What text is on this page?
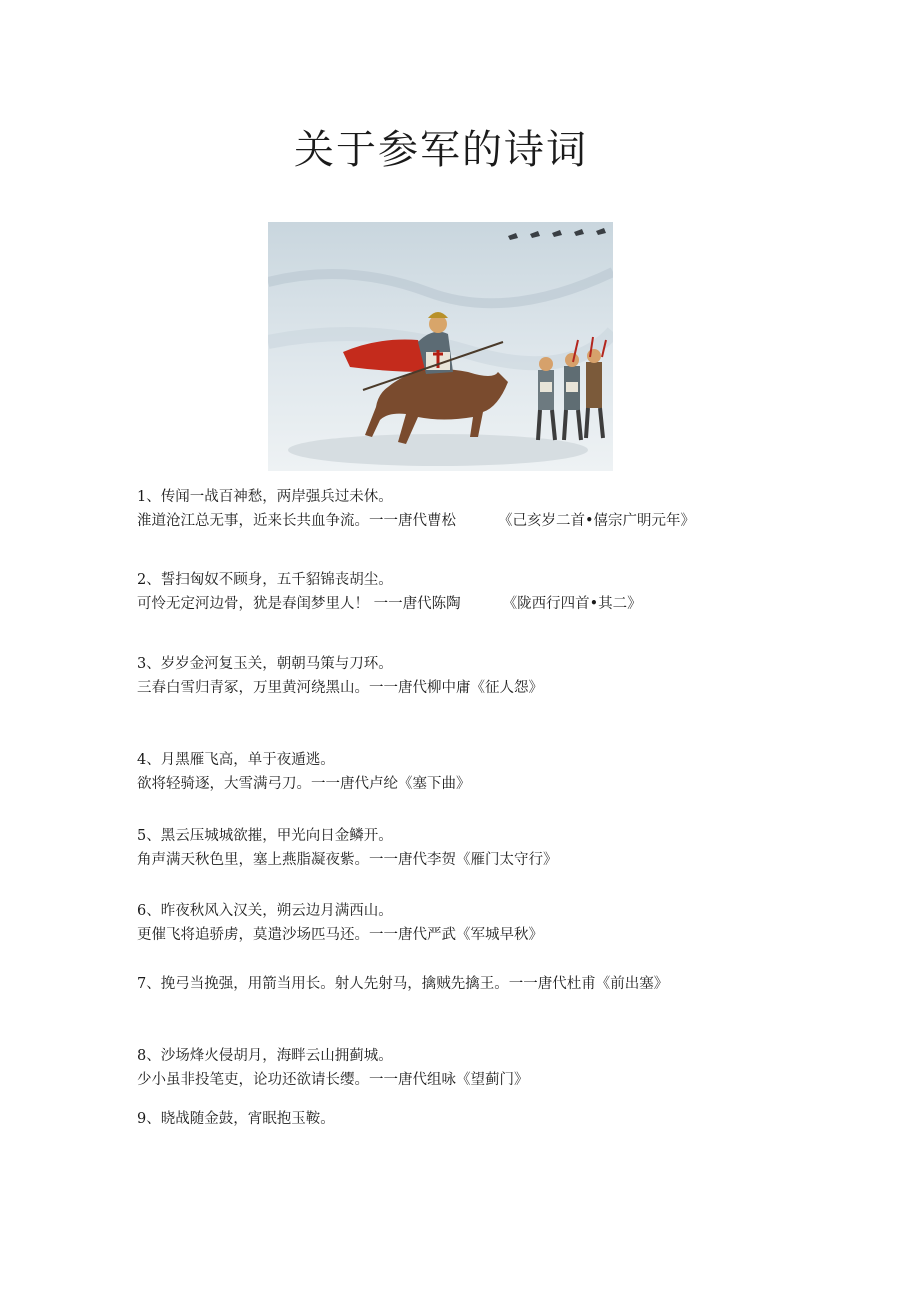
关于参军的诗词
1、传闻一战百神愁，两岸强兵过未休。
淮道沧江总无事，近来长共血争流。一一唐代曹松	《己亥岁二首•僖宗广明元年》
2、誓扫匈奴不顾身，五千貂锦丧胡尘。
可怜无定河边骨，犹是春闺梦里人！ 一一唐代陈陶	《陇西行四首•其二》
3、岁岁金河复玉关，朝朝马策与刀环。
三春白雪归青冢，万里黄河绕黑山。一一唐代柳中庸《征人怨》
4、月黑雁飞高，单于夜遁逃。
欲将轻骑逐，大雪满弓刀。一一唐代卢纶《塞下曲》
5、黑云压城城欲摧，甲光向日金鳞开。
角声满天秋色里，塞上燕脂凝夜紫。一一唐代李贺《雁门太守行》
6、昨夜秋风入汉关，朔云边月满西山。
更催飞将追骄虏，莫遣沙场匹马还。一一唐代严武《军城早秋》
7、挽弓当挽强，用箭当用长。射人先射马，擒贼先擒王。一一唐代杜甫《前出塞》
8、沙场烽火侵胡月，海畔云山拥蓟城。
少小虽非投笔吏，论功还欲请长缨。一一唐代组咏《望蓟门》
9、晓战随金鼓，宵眠抱玉鞍。
